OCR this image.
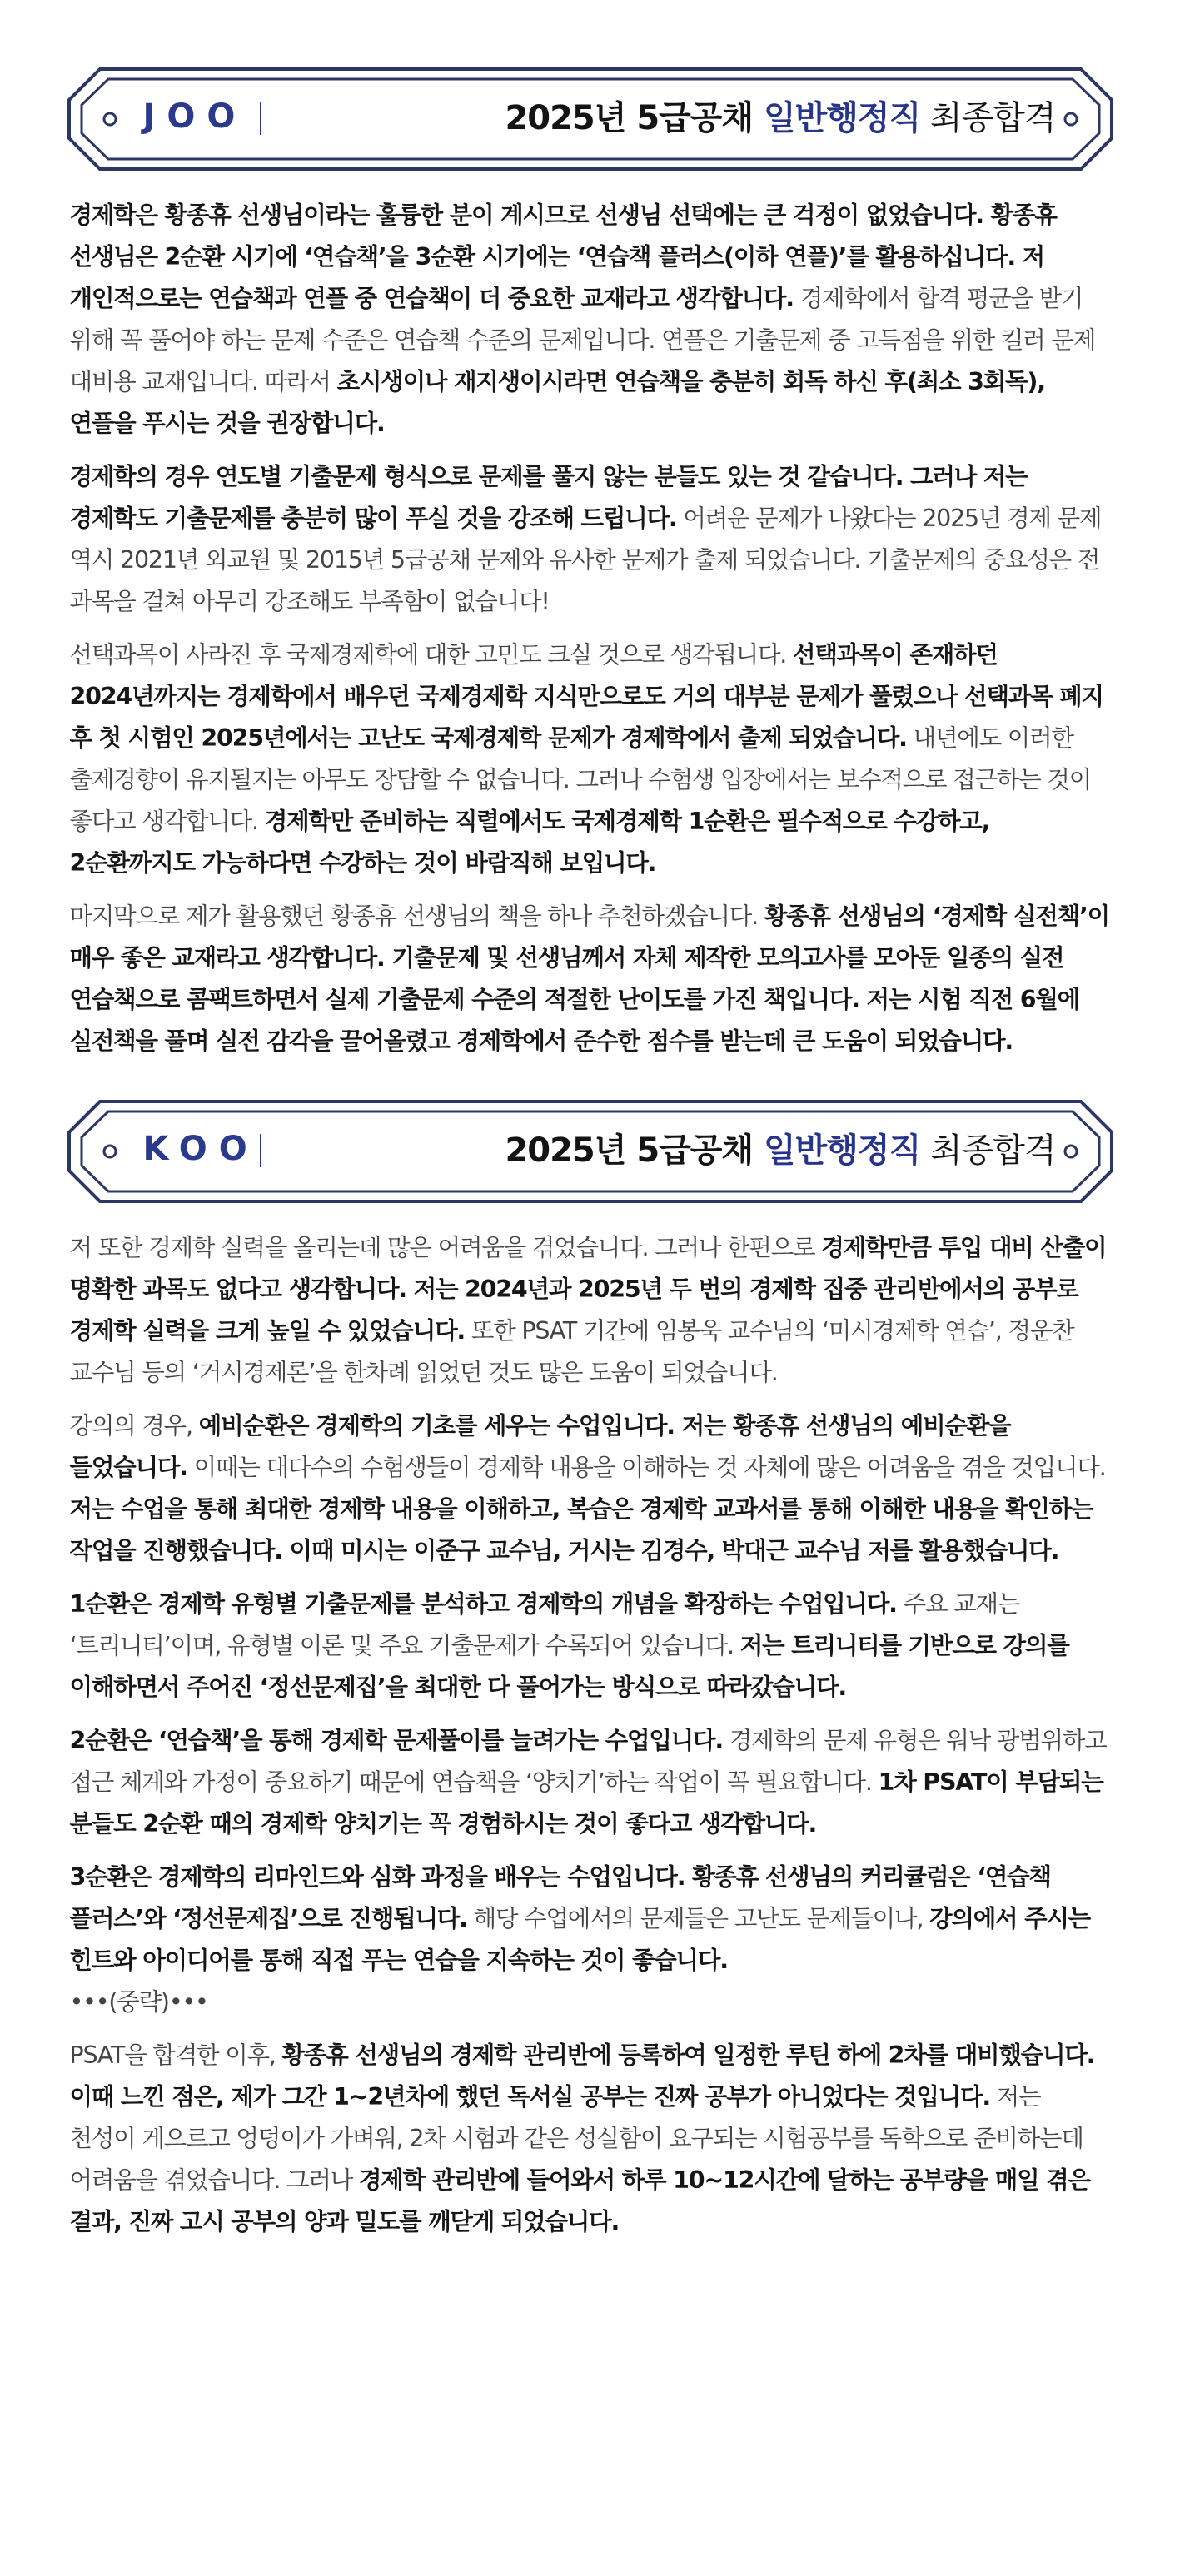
JOO	2025년 5급공채 일반행정직 최종합격

경제학은 황종휴 선생님이라는 훌륭한 분이 계시므로 선생님 선택에는 큰 걱정이 없었습니다. 황종휴 선생님은 2순환 시기에 ‘연습책’을 3순환 시기에는 ‘연습책 플러스(이하 연플)’를 활용하십니다. 저 개인적으로는 연습책과 연플 중 연습책이 더 중요한 교재라고 생각합니다. 경제학에서 합격 평균을 받기 위해 꼭 풀어야 하는 문제 수준은 연습책 수준의 문제입니다. 연플은 기출문제 중 고득점을 위한 킬러 문제 대비용 교재입니다. 따라서 초시생이나 재지생이시라면 연습책을 충분히 회독 하신 후(최소 3회독), 연플을 푸시는 것을 권장합니다.

경제학의 경우 연도별 기출문제 형식으로 문제를 풀지 않는 분들도 있는 것 같습니다. 그러나 저는 경제학도 기출문제를 충분히 많이 푸실 것을 강조해 드립니다. 어려운 문제가 나왔다는 2025년 경제 문제 역시 2021년 외교원 및 2015년 5급공채 문제와 유사한 문제가 출제 되었습니다. 기출문제의 중요성은 전 과목을 걸쳐 아무리 강조해도 부족함이 없습니다!

선택과목이 사라진 후 국제경제학에 대한 고민도 크실 것으로 생각됩니다. 선택과목이 존재하던 2024년까지는 경제학에서 배우던 국제경제학 지식만으로도 거의 대부분 문제가 풀렸으나 선택과목 폐지 후 첫 시험인 2025년에서는 고난도 국제경제학 문제가 경제학에서 출제 되었습니다. 내년에도 이러한 출제경향이 유지될지는 아무도 장담할 수 없습니다. 그러나 수험생 입장에서는 보수적으로 접근하는 것이 좋다고 생각합니다. 경제학만 준비하는 직렬에서도 국제경제학 1순환은 필수적으로 수강하고, 2순환까지도 가능하다면 수강하는 것이 바람직해 보입니다.

마지막으로 제가 활용했던 황종휴 선생님의 책을 하나 추천하겠습니다. 황종휴 선생님의 ‘경제학 실전책’이 매우 좋은 교재라고 생각합니다. 기출문제 및 선생님께서 자체 제작한 모의고사를 모아둔 일종의 실전 연습책으로 콤팩트하면서 실제 기출문제 수준의 적절한 난이도를 가진 책입니다. 저는 시험 직전 6월에 실전책을 풀며 실전 감각을 끌어올렸고 경제학에서 준수한 점수를 받는데 큰 도움이 되었습니다.

KOO	2025년 5급공채 일반행정직 최종합격

저 또한 경제학 실력을 올리는데 많은 어려움을 겪었습니다. 그러나 한편으로 경제학만큼 투입 대비 산출이 명확한 과목도 없다고 생각합니다. 저는 2024년과 2025년 두 번의 경제학 집중 관리반에서의 공부로 경제학 실력을 크게 높일 수 있었습니다. 또한 PSAT 기간에 임봉욱 교수님의 ‘미시경제학 연습’, 정운찬 교수님 등의 ‘거시경제론’을 한차례 읽었던 것도 많은 도움이 되었습니다.

강의의 경우, 예비순환은 경제학의 기초를 세우는 수업입니다. 저는 황종휴 선생님의 예비순환을 들었습니다. 이때는 대다수의 수험생들이 경제학 내용을 이해하는 것 자체에 많은 어려움을 겪을 것입니다. 저는 수업을 통해 최대한 경제학 내용을 이해하고, 복습은 경제학 교과서를 통해 이해한 내용을 확인하는 작업을 진행했습니다. 이때 미시는 이준구 교수님, 거시는 김경수, 박대근 교수님 저를 활용했습니다.

1순환은 경제학 유형별 기출문제를 분석하고 경제학의 개념을 확장하는 수업입니다. 주요 교재는 ‘트리니티’이며, 유형별 이론 및 주요 기출문제가 수록되어 있습니다. 저는 트리니티를 기반으로 강의를 이해하면서 주어진 ‘정선문제집’을 최대한 다 풀어가는 방식으로 따라갔습니다.

2순환은 ‘연습책’을 통해 경제학 문제풀이를 늘려가는 수업입니다. 경제학의 문제 유형은 워낙 광범위하고 접근 체계와 가정이 중요하기 때문에 연습책을 ‘양치기’하는 작업이 꼭 필요합니다. 1차 PSAT이 부담되는 분들도 2순환 때의 경제학 양치기는 꼭 경험하시는 것이 좋다고 생각합니다.

3순환은 경제학의 리마인드와 심화 과정을 배우는 수업입니다. 황종휴 선생님의 커리큘럼은 ‘연습책 플러스’와 ‘정선문제집’으로 진행됩니다. 해당 수업에서의 문제들은 고난도 문제들이나, 강의에서 주시는 힌트와 아이디어를 통해 직접 푸는 연습을 지속하는 것이 좋습니다.
•••(중략)•••

PSAT을 합격한 이후, 황종휴 선생님의 경제학 관리반에 등록하여 일정한 루틴 하에 2차를 대비했습니다. 이때 느낀 점은, 제가 그간 1~2년차에 했던 독서실 공부는 진짜 공부가 아니었다는 것입니다. 저는 천성이 게으르고 엉덩이가 가벼워, 2차 시험과 같은 성실함이 요구되는 시험공부를 독학으로 준비하는데 어려움을 겪었습니다. 그러나 경제학 관리반에 들어와서 하루 10~12시간에 달하는 공부량을 매일 겪은 결과, 진짜 고시 공부의 양과 밀도를 깨닫게 되었습니다.
